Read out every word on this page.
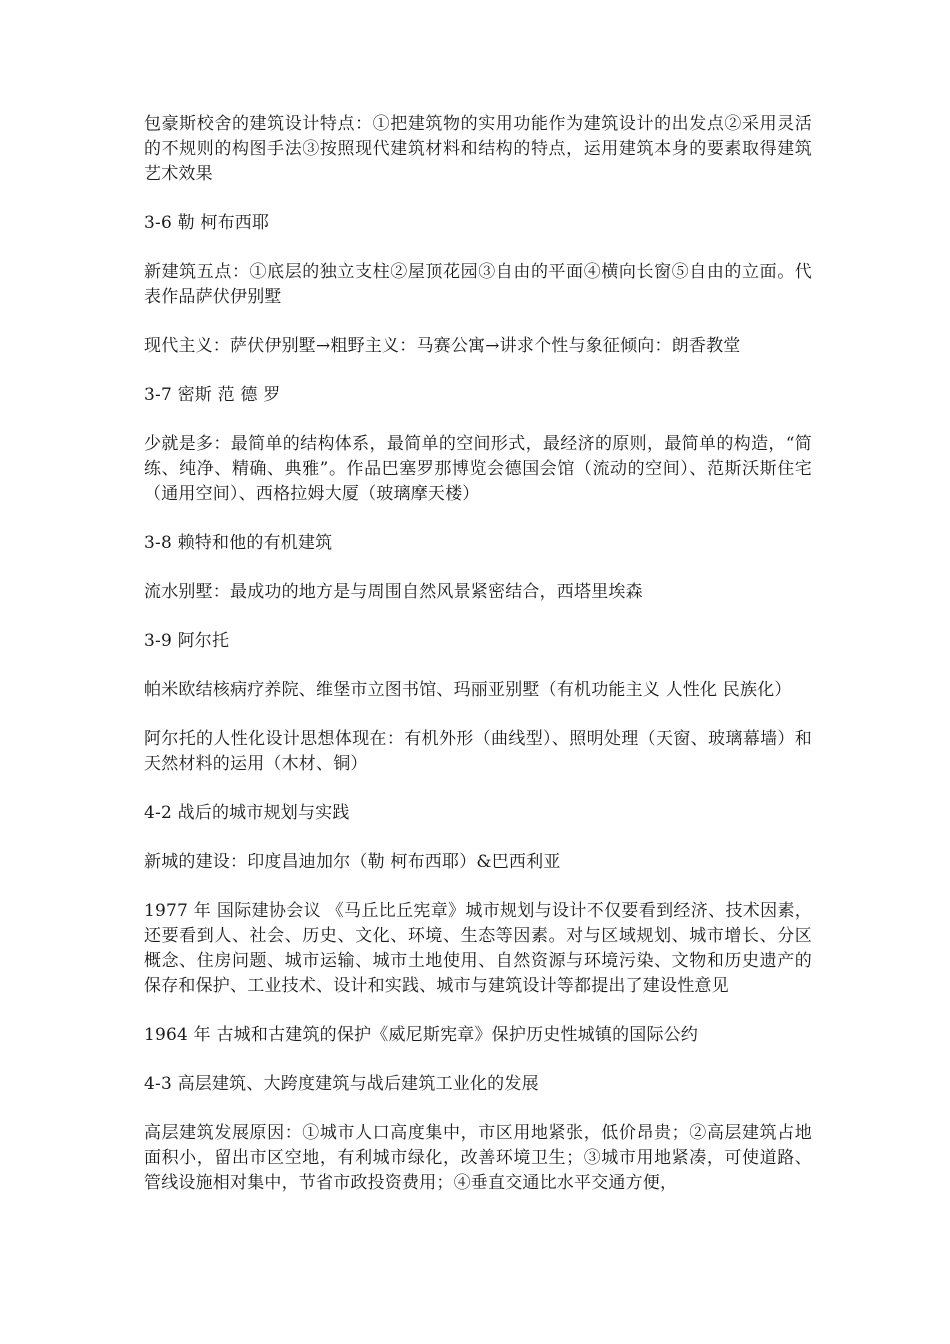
包豪斯校舍的建筑设计特点：①把建筑物的实用功能作为建筑设计的出发点②采用灵活的不规则的构图手法③按照现代建筑材料和结构的特点，运用建筑本身的要素取得建筑艺术效果

3-6 勒 柯布西耶

新建筑五点：①底层的独立支柱②屋顶花园③自由的平面④横向长窗⑤自由的立面。代表作品萨伏伊别墅

现代主义：萨伏伊别墅→粗野主义：马赛公寓→讲求个性与象征倾向：朗香教堂

3-7 密斯 范 德 罗

少就是多：最简单的结构体系，最简单的空间形式，最经济的原则，最简单的构造，“简练、纯净、精确、典雅”。作品巴塞罗那博览会德国会馆（流动的空间）、范斯沃斯住宅（通用空间）、西格拉姆大厦（玻璃摩天楼）

3-8 赖特和他的有机建筑

流水别墅：最成功的地方是与周围自然风景紧密结合，西塔里埃森

3-9 阿尔托

帕米欧结核病疗养院、维堡市立图书馆、玛丽亚别墅（有机功能主义 人性化 民族化）

阿尔托的人性化设计思想体现在：有机外形（曲线型）、照明处理（天窗、玻璃幕墙）和天然材料的运用（木材、铜）

4-2 战后的城市规划与实践

新城的建设：印度昌迪加尔（勒 柯布西耶）&巴西利亚

1977 年 国际建协会议 《马丘比丘宪章》城市规划与设计不仅要看到经济、技术因素，还要看到人、社会、历史、文化、环境、生态等因素。对与区域规划、城市增长、分区概念、住房问题、城市运输、城市土地使用、自然资源与环境污染、文物和历史遗产的保存和保护、工业技术、设计和实践、城市与建筑设计等都提出了建设性意见

1964 年 古城和古建筑的保护《威尼斯宪章》保护历史性城镇的国际公约

4-3 高层建筑、大跨度建筑与战后建筑工业化的发展

高层建筑发展原因：①城市人口高度集中，市区用地紧张，低价昂贵；②高层建筑占地面积小，留出市区空地，有利城市绿化，改善环境卫生；③城市用地紧凑，可使道路、管线设施相对集中，节省市政投资费用；④垂直交通比水平交通方便，
